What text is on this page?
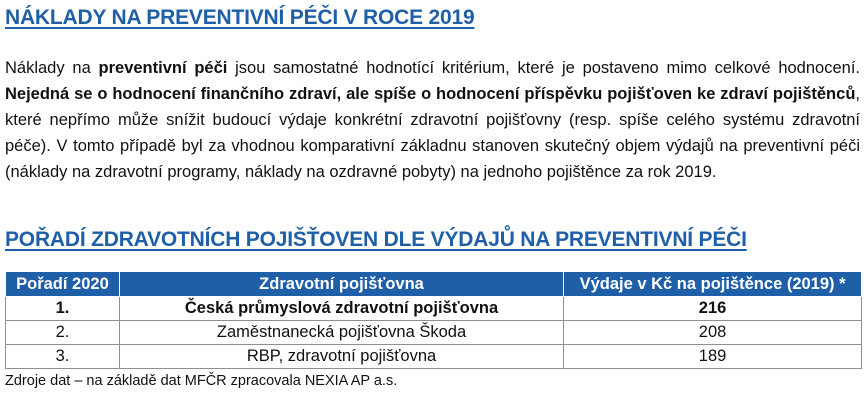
NÁKLADY NA PREVENTIVNÍ PÉČI V ROCE 2019

Náklady na preventivní péči jsou samostatné hodnotící kritérium, které je postaveno mimo celkové hodnocení. Nejedná se o hodnocení finančního zdraví, ale spíše o hodnocení příspěvku pojišťoven ke zdraví pojištěnců, které nepřímo může snížit budoucí výdaje konkrétní zdravotní pojišťovny (resp. spíše celého systému zdravotní péče). V tomto případě byl za vhodnou komparativní základnu stanoven skutečný objem výdajů na preventivní péči (náklady na zdravotní programy, náklady na ozdravné pobyty) na jednoho pojištěnce za rok 2019.

POŘADÍ ZDRAVOTNÍCH POJIŠŤOVEN DLE VÝDAJŮ NA PREVENTIVNÍ PÉČI
Pořadí 2020	Zdravotní pojišťovna	Výdaje v Kč na pojištěnce (2019) *
1.	Česká průmyslová zdravotní pojišťovna	216
2.	Zaměstnanecká pojišťovna Škoda	208
3.	RBP, zdravotní pojišťovna	189

Zdroje dat – na základě dat MFČR zpracovala NEXIA AP a.s.
